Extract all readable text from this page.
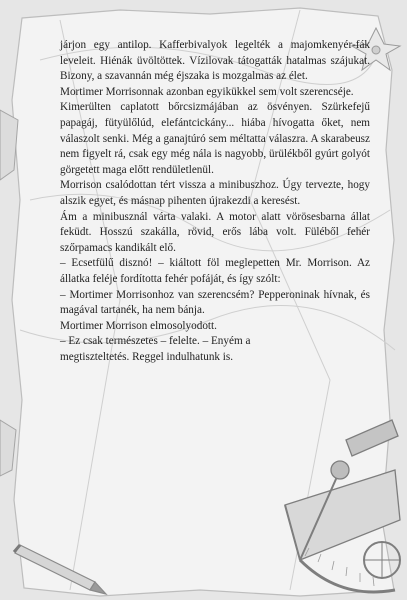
járjon egy antilop. Kafferbivalyok legelték a majomkenyér-fák leveleit. Hiénák üvöltöttek. Vízilovak tátogatták hatalmas szájukat. Bizony, a szavannán még éjszaka is mozgalmas az élet.

Mortimer Morrisonnak azonban egyikükkel sem volt szerencséje.

Kimerülten caplatott bőrcsizmájában az ösvényen. Szürkefejű papagáj, fütyülőlúd, elefántcickány... hiába hívogatta őket, nem válaszolt senki. Még a ganajtúró sem méltatta válaszra. A skarabeusz nem figyelt rá, csak egy még nála is nagyobb, ürülékből gyúrt golyót görgetett maga előtt rendületlenül.

Morrison csalódottan tért vissza a minibuszhoz. Úgy tervezte, hogy alszik egyet, és másnap pihenten újrakezdi a keresést.

Ám a minibusznál várta valaki. A motor alatt vörösesbarna állat feküdt. Hosszú szakálla, rövid, erős lába volt. Füléből fehér szőrpamacs kandikált elő.

– Ecsetfülű disznó! – kiáltott föl meglepetten Mr. Morrison. Az állatka feléje fordította fehér pofáját, és így szólt:

– Mortimer Morrisonhoz van szerencsém? Pepperoninak hívnak, és magával tartanék, ha nem bánja.

Mortimer Morrison elmosolyodott.

– Ez csak természetes – felelte. – Enyém a megtiszteltetés. Reggel indulhatunk is.
